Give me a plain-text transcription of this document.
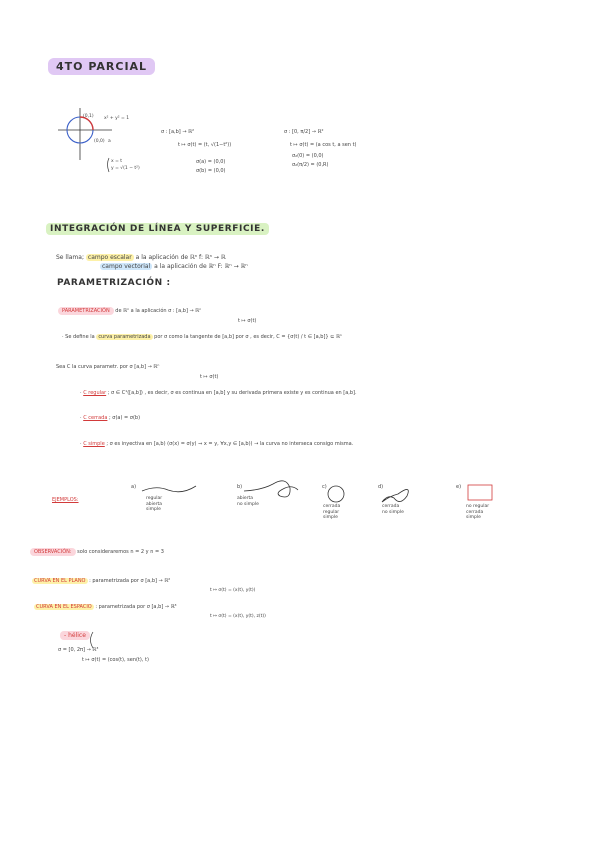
4TO PARCIAL
(0,1) x² + y² = 1
(0,0) a
x = t
y = √(1 − t²)
σ : [a,b] → ℝ²
t ↦ σ(t) = (t, √(1−t²))
σ(a) = (0,0)
σ(b) = (0,0)
σ : [0, π/2] → ℝ²
t ↦ σ(t) = (a cos t, a sen t)
σ₂(0) = (0,0)
σ₂(π/2) = (0,R)
INTEGRACIÓN DE LÍNEA Y SUPERFICIE.
Se llama; campo escalar a la aplicación de ℝⁿ f: ℝⁿ → ℝ
campo vectorial a la aplicación de ℝⁿ F: ℝⁿ → ℝⁿ
PARAMETRIZACIÓN :
PARAMETRIZACIÓN de ℝⁿ a la aplicación σ : [a,b] → ℝⁿ
t ↦ σ(t)
· Se define la curva parametrizada por σ como la tangente de [a,b] por σ , es decir, C = {σ(t) / t ∈ [a,b]} ⊆ ℝⁿ
Sea C la curva parametr. por σ [a,b] → ℝⁿ
t ↦ σ(t)
· C regular ; σ ∈ C¹([a,b]) , es decir, σ es continua en [a,b] y su derivada primera existe y es continua en [a,b].
· C cerrada ; σ(a) = σ(b)
· C simple ; σ es inyectiva en [a,b) (σ(x) = σ(y) ⇒ x = y, ∀x,y ∈ [a,b)) → la curva no interseca consigo misma.
EJEMPLOS:
a)
regular
abierta
simple
b)
abierta
no simple
c)
cerrada
regular
simple
d)
cerrada
no simple
e)
no regular
cerrada
simple
OBSERVACIÓN: solo consideraremos n = 2 y n = 3
CURVA EN EL PLANO : parametrizada por σ [a,b] → ℝ²
t ↦ σ(t) = (x(t), y(t))
CURVA EN EL ESPACIO : parametrizada por σ [a,b] → ℝ³
t ↦ σ(t) = (x(t), y(t), z(t))
- hélice
σ = [0, 2π] → ℝ³
t ↦ σ(t) = (cos(t), sen(t), t)
